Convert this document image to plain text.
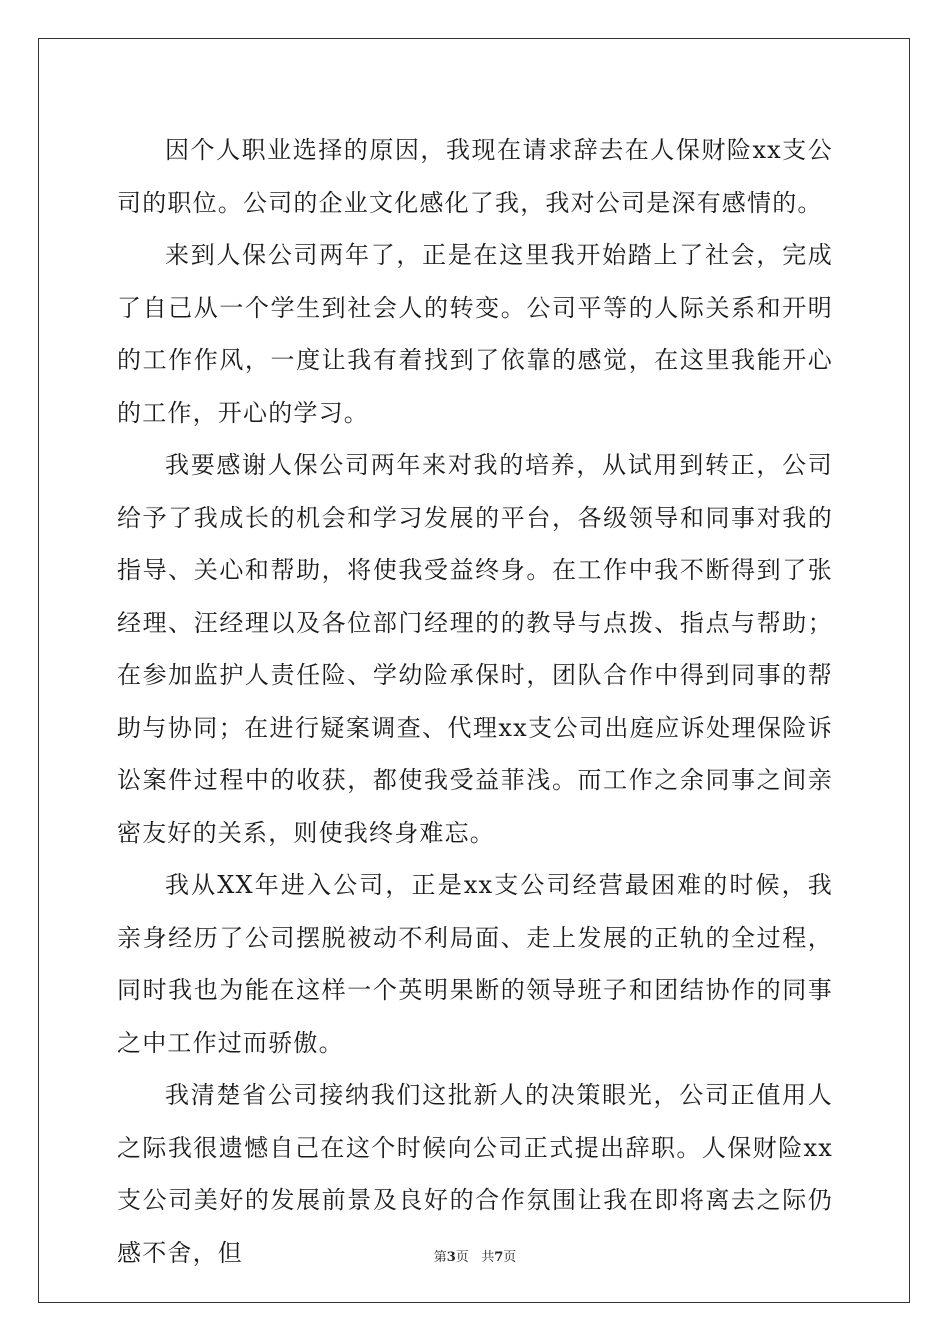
因个人职业选择的原因，我现在请求辞去在人保财险xx支公司的职位。公司的企业文化感化了我，我对公司是深有感情的。

来到人保公司两年了，正是在这里我开始踏上了社会，完成了自己从一个学生到社会人的转变。公司平等的人际关系和开明的工作作风，一度让我有着找到了依靠的感觉，在这里我能开心的工作，开心的学习。

我要感谢人保公司两年来对我的培养，从试用到转正，公司给予了我成长的机会和学习发展的平台，各级领导和同事对我的指导、关心和帮助，将使我受益终身。在工作中我不断得到了张经理、汪经理以及各位部门经理的的教导与点拨、指点与帮助；在参加监护人责任险、学幼险承保时，团队合作中得到同事的帮助与协同；在进行疑案调查、代理xx支公司出庭应诉处理保险诉讼案件过程中的收获，都使我受益菲浅。而工作之余同事之间亲密友好的关系，则使我终身难忘。

我从XX年进入公司，正是xx支公司经营最困难的时候，我亲身经历了公司摆脱被动不利局面、走上发展的正轨的全过程，同时我也为能在这样一个英明果断的领导班子和团结协作的同事之中工作过而骄傲。

我清楚省公司接纳我们这批新人的决策眼光，公司正值用人之际我很遗憾自己在这个时候向公司正式提出辞职。人保财险xx支公司美好的发展前景及良好的合作氛围让我在即将离去之际仍感不舍，但	第3页 共7页
